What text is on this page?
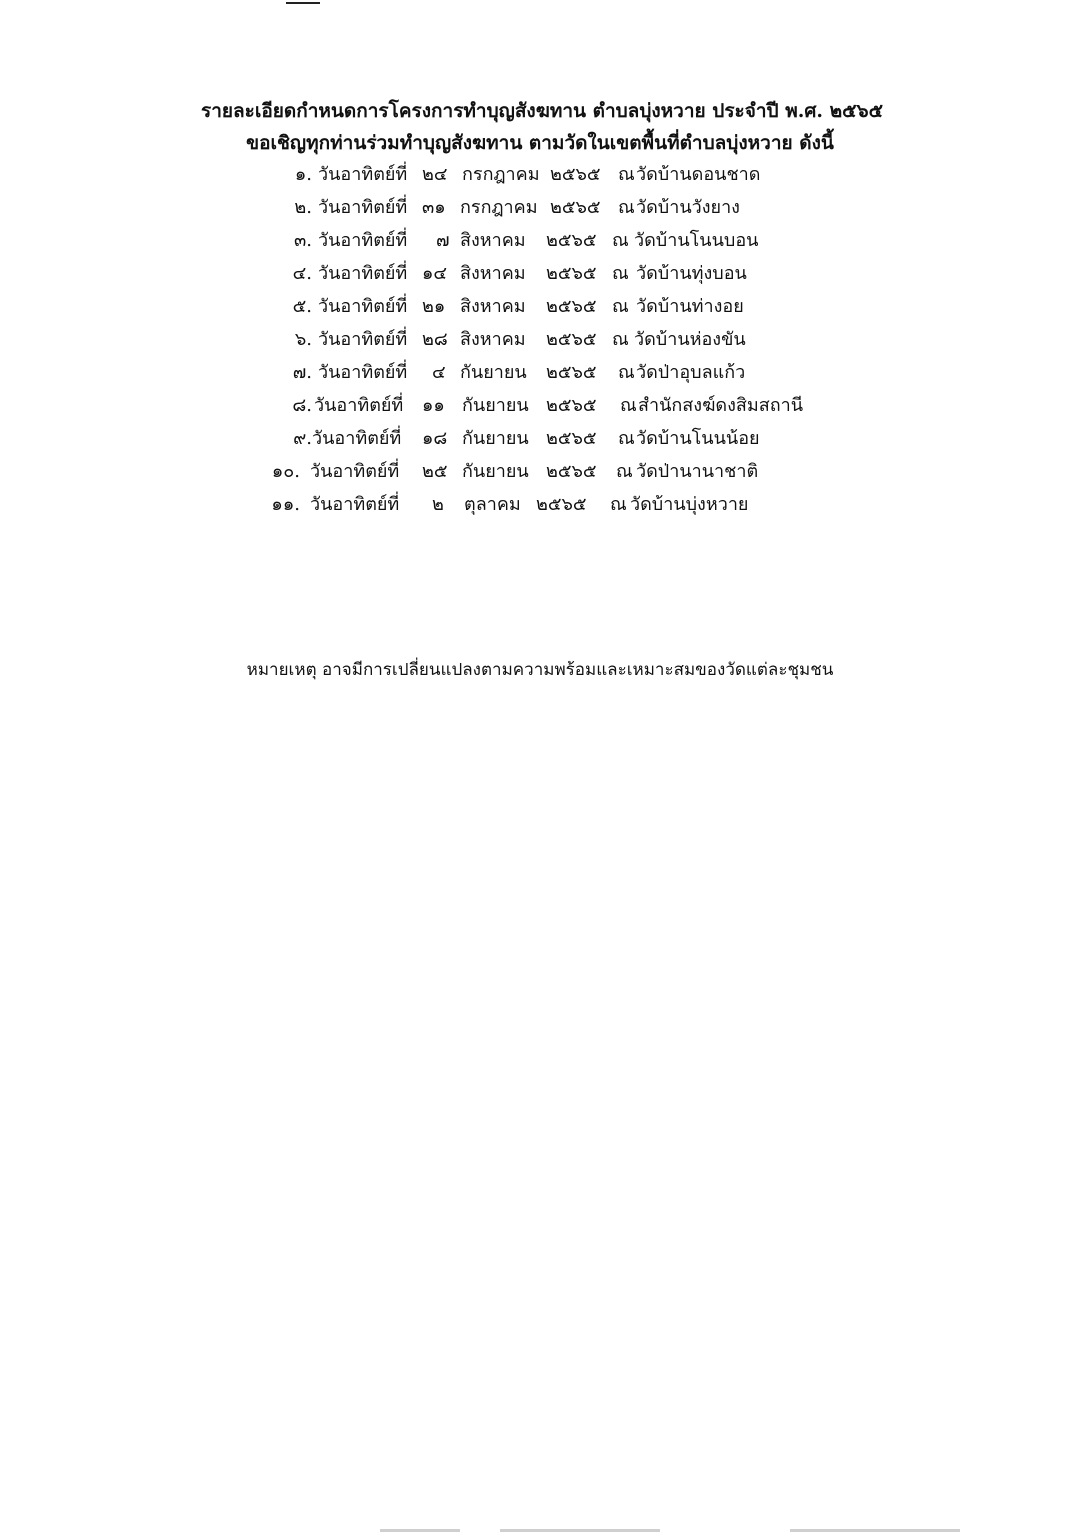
รายละเอียดกำหนดการโครงการทำบุญสังฆทาน ตำบลบุ่งหวาย ประจำปี พ.ศ. ๒๕๖๕
ขอเชิญทุกท่านร่วมทำบุญสังฆทาน ตามวัดในเขตพื้นที่ตำบลบุ่งหวาย ดังนี้
๑. วันอาทิตย์ที่ ๒๔ กรกฎาคม ๒๕๖๕ ณ วัดบ้านดอนชาด
๒. วันอาทิตย์ที่ ๓๑ กรกฎาคม ๒๕๖๕ ณ วัดบ้านวังยาง
๓. วันอาทิตย์ที่ ๗ สิงหาคม ๒๕๖๕ ณ วัดบ้านโนนบอน
๔. วันอาทิตย์ที่ ๑๔ สิงหาคม ๒๕๖๕ ณ วัดบ้านทุ่งบอน
๕. วันอาทิตย์ที่ ๒๑ สิงหาคม ๒๕๖๕ ณ วัดบ้านท่างอย
๖. วันอาทิตย์ที่ ๒๘ สิงหาคม ๒๕๖๕ ณ วัดบ้านห่องขัน
๗. วันอาทิตย์ที่ ๔ กันยายน ๒๕๖๕ ณ วัดป่าอุบลแก้ว
๘. วันอาทิตย์ที่ ๑๑ กันยายน ๒๕๖๕ ณ สำนักสงฆ์ดงสิมสถานี
๙. วันอาทิตย์ที่ ๑๘ กันยายน ๒๕๖๕ ณ วัดบ้านโนนน้อย
๑๐. วันอาทิตย์ที่ ๒๕ กันยายน ๒๕๖๕ ณ วัดป่านานาชาติ
๑๑. วันอาทิตย์ที่ ๒ ตุลาคม ๒๕๖๕ ณ วัดบ้านบุ่งหวาย
หมายเหตุ อาจมีการเปลี่ยนแปลงตามความพร้อมและเหมาะสมของวัดแต่ละชุมชน
